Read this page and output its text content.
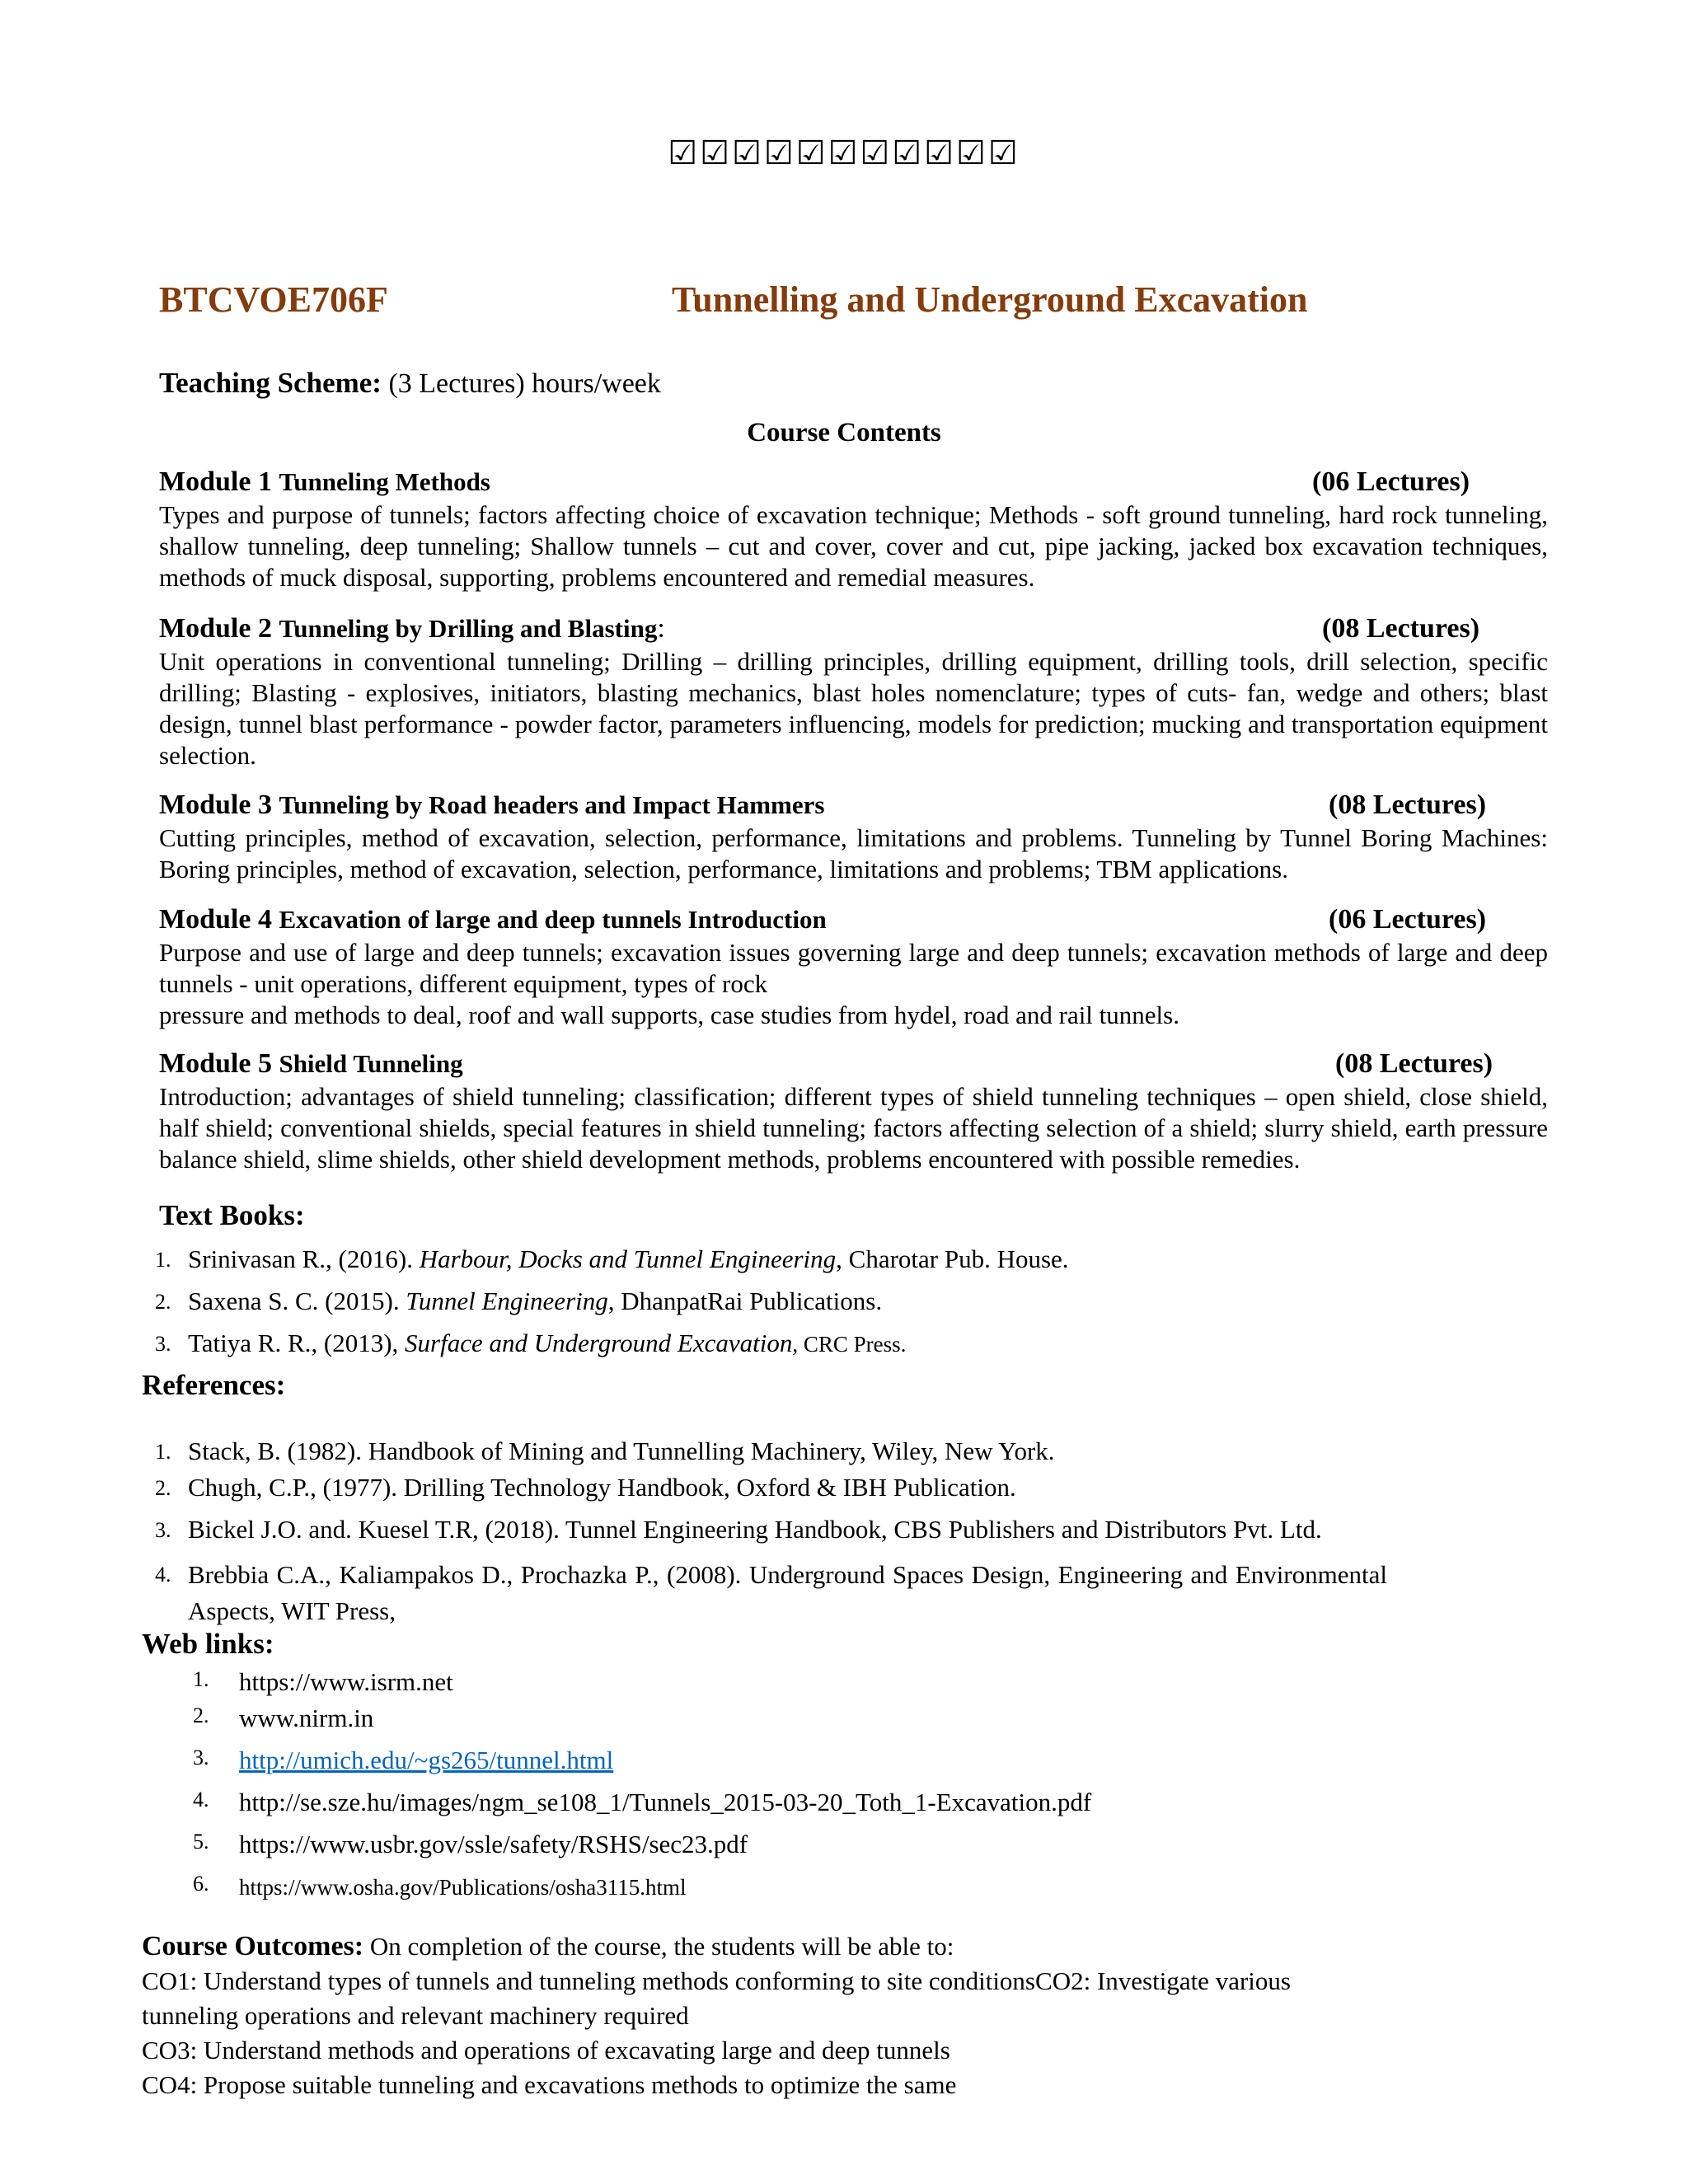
☑☑☑☑☑☑☑☑☑☑☑
BTCVOE706F	Tunnelling and Underground Excavation
Teaching Scheme: (3 Lectures) hours/week
Course Contents
Module 1 Tunneling Methods	(06 Lectures)
Types and purpose of tunnels; factors affecting choice of excavation technique; Methods - soft ground tunneling, hard rock tunneling, shallow tunneling, deep tunneling; Shallow tunnels – cut and cover, cover and cut, pipe jacking, jacked box excavation techniques, methods of muck disposal, supporting, problems encountered and remedial measures.
Module 2 Tunneling by Drilling and Blasting:	(08 Lectures)
Unit operations in conventional tunneling; Drilling – drilling principles, drilling equipment, drilling tools, drill selection, specific drilling; Blasting - explosives, initiators, blasting mechanics, blast holes nomenclature; types of cuts- fan, wedge and others; blast design, tunnel blast performance - powder factor, parameters influencing, models for prediction; mucking and transportation equipment selection.
Module 3 Tunneling by Road headers and Impact Hammers	(08 Lectures)
Cutting principles, method of excavation, selection, performance, limitations and problems. Tunneling by Tunnel Boring Machines: Boring principles, method of excavation, selection, performance, limitations and problems; TBM applications.
Module 4 Excavation of large and deep tunnels Introduction	(06 Lectures)
Purpose and use of large and deep tunnels; excavation issues governing large and deep tunnels; excavation methods of large and deep tunnels - unit operations, different equipment, types of rock
pressure and methods to deal, roof and wall supports, case studies from hydel, road and rail tunnels.
Module 5 Shield Tunneling	(08 Lectures)
Introduction; advantages of shield tunneling; classification; different types of shield tunneling techniques – open shield, close shield, half shield; conventional shields, special features in shield tunneling; factors affecting selection of a shield; slurry shield, earth pressure balance shield, slime shields, other shield development methods, problems encountered with possible remedies.
Text Books:
1. Srinivasan R., (2016). Harbour, Docks and Tunnel Engineering, Charotar Pub. House.
2. Saxena S. C. (2015). Tunnel Engineering, DhanpatRai Publications.
3. Tatiya R. R., (2013), Surface and Underground Excavation, CRC Press.
References:
1. Stack, B. (1982). Handbook of Mining and Tunnelling Machinery, Wiley, New York.
2. Chugh, C.P., (1977). Drilling Technology Handbook, Oxford & IBH Publication.
3. Bickel J.O. and. Kuesel T.R, (2018). Tunnel Engineering Handbook, CBS Publishers and Distributors Pvt. Ltd.
4. Brebbia C.A., Kaliampakos D., Prochazka P., (2008). Underground Spaces Design, Engineering and Environmental Aspects, WIT Press,
Web links:
1. https://www.isrm.net
2. www.nirm.in
3. http://umich.edu/~gs265/tunnel.html
4. http://se.sze.hu/images/ngm_se108_1/Tunnels_2015-03-20_Toth_1-Excavation.pdf
5. https://www.usbr.gov/ssle/safety/RSHS/sec23.pdf
6. https://www.osha.gov/Publications/osha3115.html
Course Outcomes: On completion of the course, the students will be able to:
CO1: Understand types of tunnels and tunneling methods conforming to site conditionsCO2: Investigate various tunneling operations and relevant machinery required
CO3: Understand methods and operations of excavating large and deep tunnels
CO4: Propose suitable tunneling and excavations methods to optimize the same
